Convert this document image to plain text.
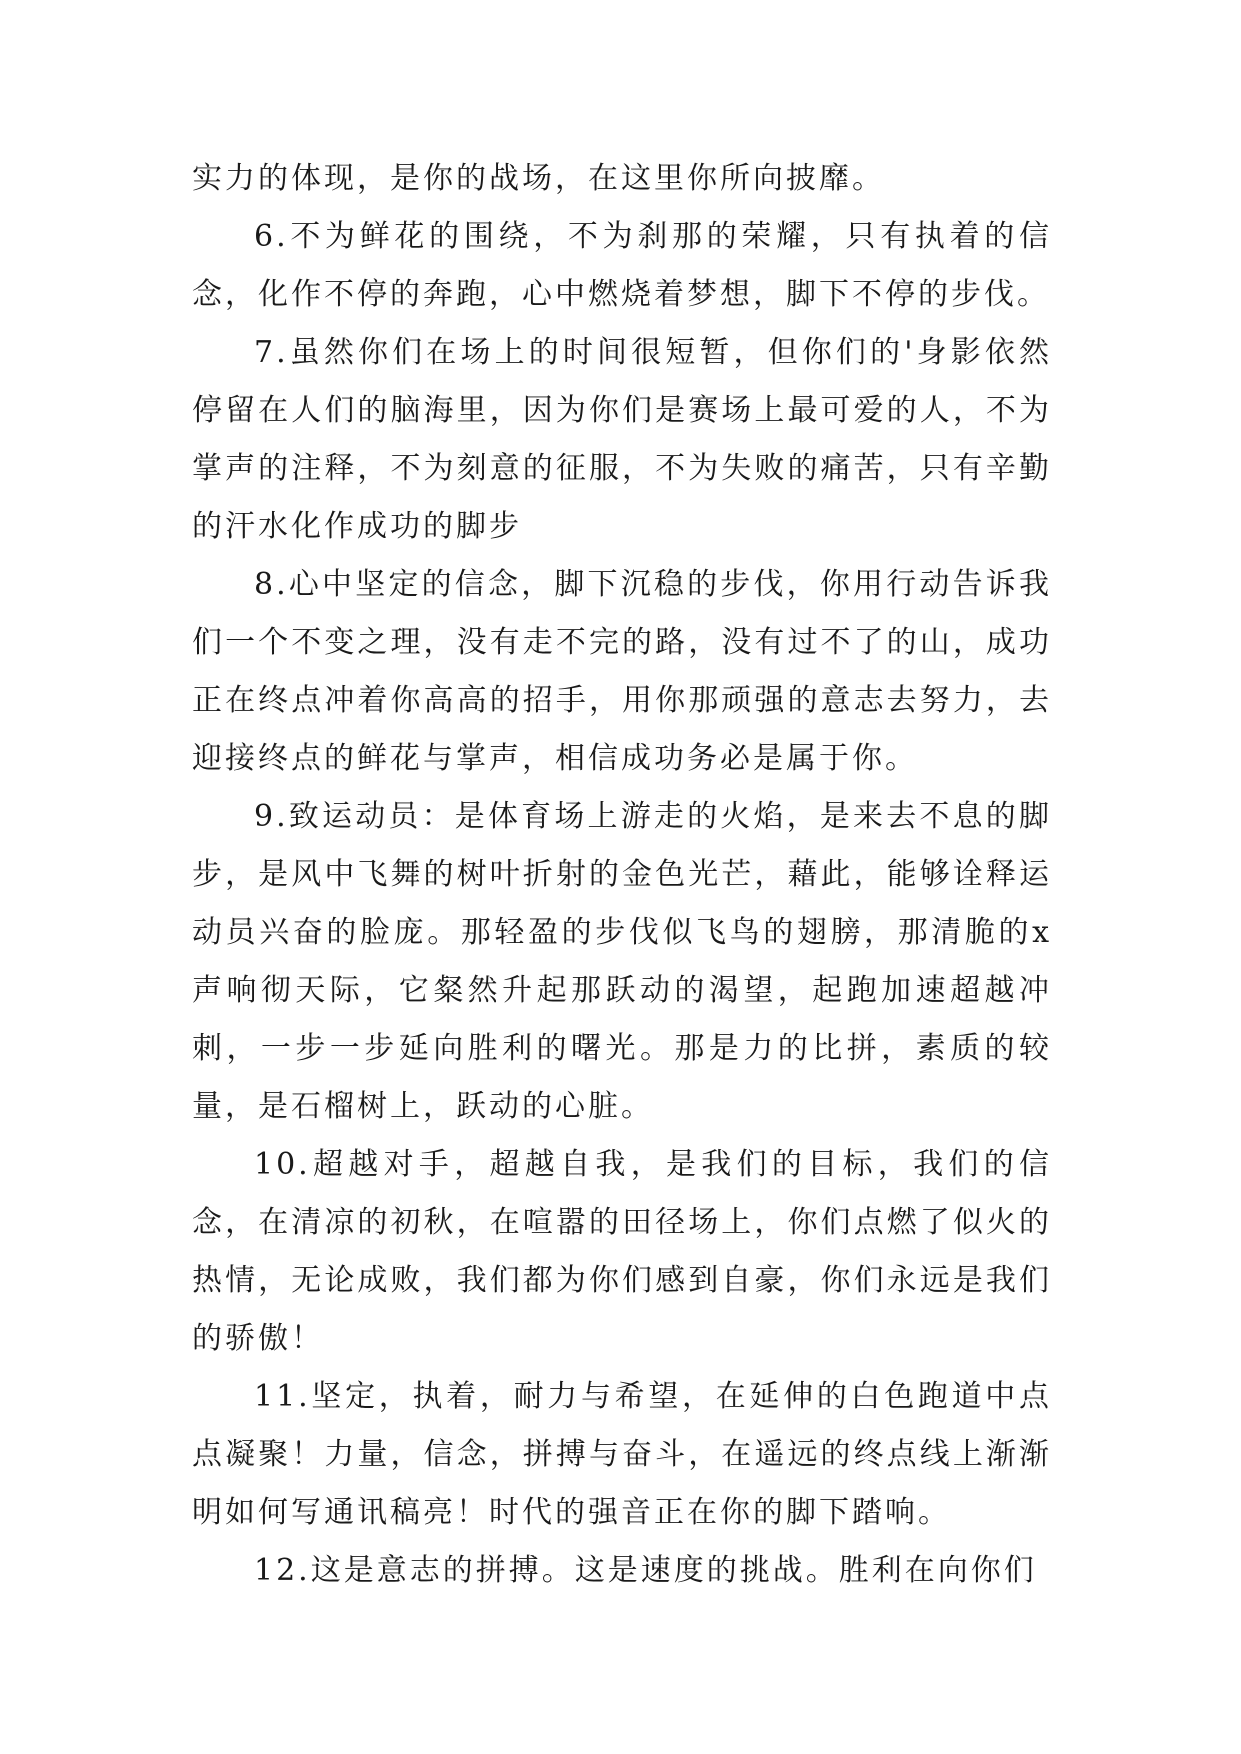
实力的体现，是你的战场，在这里你所向披靡。

6.不为鲜花的围绕，不为刹那的荣耀，只有执着的信念，化作不停的奔跑，心中燃烧着梦想，脚下不停的步伐。

7.虽然你们在场上的时间很短暂，但你们的'身影依然停留在人们的脑海里，因为你们是赛场上最可爱的人，不为掌声的注释，不为刻意的征服，不为失败的痛苦，只有辛勤的汗水化作成功的脚步

8.心中坚定的信念，脚下沉稳的步伐，你用行动告诉我们一个不变之理，没有走不完的路，没有过不了的山，成功正在终点冲着你高高的招手，用你那顽强的意志去努力，去迎接终点的鲜花与掌声，相信成功务必是属于你。

9.致运动员：是体育场上游走的火焰，是来去不息的脚步，是风中飞舞的树叶折射的金色光芒，藉此，能够诠释运动员兴奋的脸庞。那轻盈的步伐似飞鸟的翅膀，那清脆的x声响彻天际，它粲然升起那跃动的渴望，起跑加速超越冲刺，一步一步延向胜利的曙光。那是力的比拼，素质的较量，是石榴树上，跃动的心脏。

10.超越对手，超越自我，是我们的目标，我们的信念，在清凉的初秋，在喧嚣的田径场上，你们点燃了似火的热情，无论成败，我们都为你们感到自豪，你们永远是我们的骄傲！

11.坚定，执着，耐力与希望，在延伸的白色跑道中点点凝聚！力量，信念，拼搏与奋斗，在遥远的终点线上渐渐明如何写通讯稿亮！时代的强音正在你的脚下踏响。

12.这是意志的拼搏。这是速度的挑战。胜利在向你们
